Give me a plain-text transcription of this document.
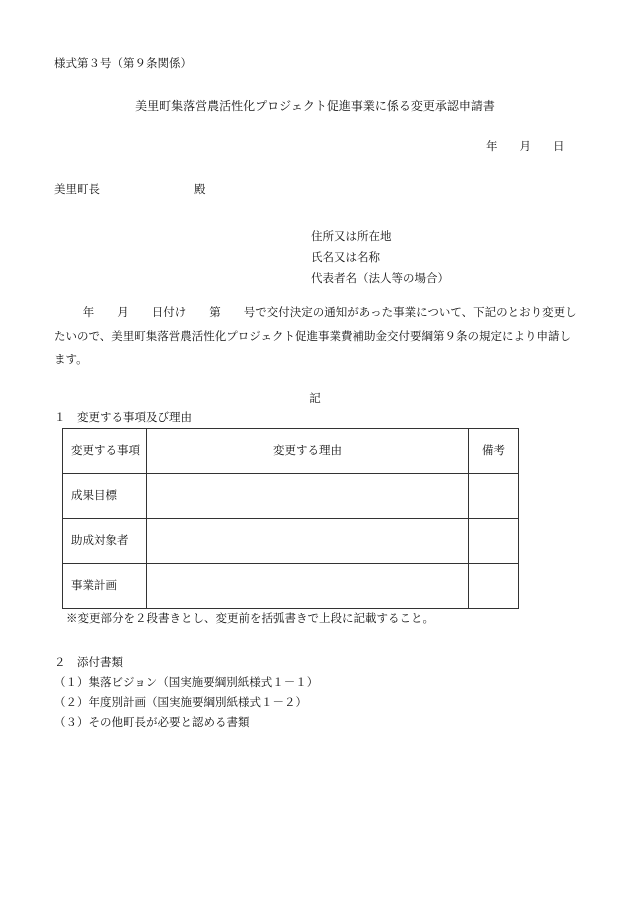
様式第３号（第９条関係）
美里町集落営農活性化プロジェクト促進事業に係る変更承認申請書
年 月 日
美里町長	殿
住所又は所在地
氏名又は名称
代表者名（法人等の場合）
年　　月　　日付け　　第　　号で交付決定の通知があった事業について、下記のとおり変更したいので、美里町集落営農活性化プロジェクト促進事業費補助金交付要綱第９条の規定により申請します。
記
１　変更する事項及び理由
変更する事項	変更する理由	備考
成果目標		
助成対象者		
事業計画		
※変更部分を２段書きとし、変更前を括弧書きで上段に記載すること。
２　添付書類
（１）集落ビジョン（国実施要綱別紙様式１－１）
（２）年度別計画（国実施要綱別紙様式１－２）
（３）その他町長が必要と認める書類
